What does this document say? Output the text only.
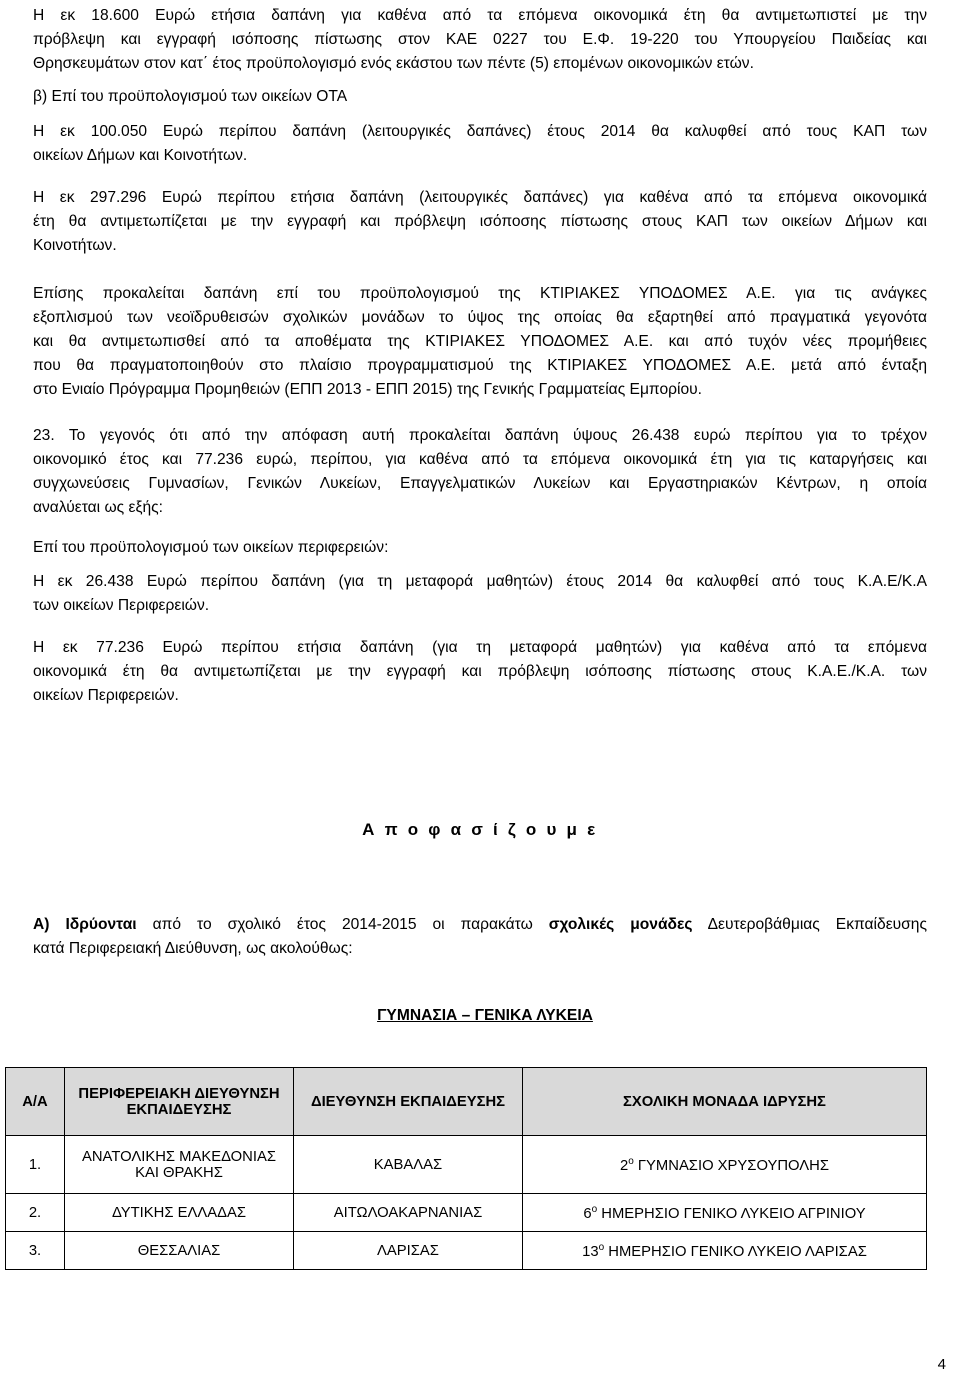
Η εκ 18.600 Ευρώ ετήσια δαπάνη για καθένα από τα επόμενα οικονομικά έτη θα αντιμετωπιστεί με την
πρόβλεψη και εγγραφή ισόποσης πίστωσης στον ΚΑΕ 0227 του Ε.Φ. 19-220 του Υπουργείου Παιδείας και
Θρησκευμάτων στον κατ΄ έτος προϋπολογισμό ενός εκάστου των πέντε (5) επομένων οικονομικών ετών.

β) Επί του προϋπολογισμού των οικείων ΟΤΑ

Η εκ 100.050 Ευρώ περίπου δαπάνη (λειτουργικές δαπάνες) έτους 2014 θα καλυφθεί από τους ΚΑΠ των
οικείων Δήμων και Κοινοτήτων.

Η εκ 297.296 Ευρώ περίπου ετήσια δαπάνη (λειτουργικές δαπάνες) για καθένα από τα επόμενα οικονομικά
έτη θα αντιμετωπίζεται με την εγγραφή και πρόβλεψη ισόποσης πίστωσης στους ΚΑΠ των οικείων Δήμων και
Κοινοτήτων.

Επίσης προκαλείται δαπάνη επί του προϋπολογισμού της ΚΤΙΡΙΑΚΕΣ ΥΠΟΔΟΜΕΣ Α.Ε. για τις ανάγκες
εξοπλισμού των νεοϊδρυθεισών σχολικών μονάδων το ύψος της οποίας θα εξαρτηθεί από πραγματικά γεγονότα
και θα αντιμετωπισθεί από τα αποθέματα της ΚΤΙΡΙΑΚΕΣ ΥΠΟΔΟΜΕΣ Α.Ε. και από τυχόν νέες προμήθειες
που θα πραγματοποιηθούν στο πλαίσιο προγραμματισμού της ΚΤΙΡΙΑΚΕΣ ΥΠΟΔΟΜΕΣ Α.Ε. μετά από ένταξη
στο Ενιαίο Πρόγραμμα Προμηθειών (ΕΠΠ 2013 - ΕΠΠ 2015) της Γενικής Γραμματείας Εμπορίου.

23. Το γεγονός ότι από την απόφαση αυτή προκαλείται δαπάνη ύψους 26.438 ευρώ περίπου για το τρέχον
οικονομικό έτος και 77.236 ευρώ, περίπου, για καθένα από τα επόμενα οικονομικά έτη για τις καταργήσεις και
συγχωνεύσεις Γυμνασίων, Γενικών Λυκείων, Επαγγελματικών Λυκείων και Εργαστηριακών Κέντρων, η οποία
αναλύεται ως εξής:

Επί του προϋπολογισμού των οικείων περιφερειών:

Η εκ 26.438 Ευρώ περίπου δαπάνη (για τη μεταφορά μαθητών) έτους 2014 θα καλυφθεί από τους Κ.Α.Ε/Κ.Α
των οικείων Περιφερειών.

Η εκ 77.236 Ευρώ περίπου ετήσια δαπάνη (για τη μεταφορά μαθητών) για καθένα από τα επόμενα
οικονομικά έτη θα αντιμετωπίζεται με την εγγραφή και πρόβλεψη ισόποσης πίστωσης στους Κ.Α.Ε./Κ.Α. των
οικείων Περιφερειών.

Α π ο φ α σ ί ζ ο υ μ ε

Α) Ιδρύονται από το σχολικό έτος 2014-2015 οι παρακάτω σχολικές μονάδες Δευτεροβάθμιας Εκπαίδευσης
κατά Περιφερειακή Διεύθυνση, ως ακολούθως:

ΓΥΜΝΑΣΙΑ – ΓΕΝΙΚΑ ΛΥΚΕΙΑ
Α/Α	ΠΕΡΙΦΕΡΕΙΑΚΗ ΔΙΕΥΘΥΝΣΗ ΕΚΠΑΙΔΕΥΣΗΣ	ΔΙΕΥΘΥΝΣΗ ΕΚΠΑΙΔΕΥΣΗΣ	ΣΧΟΛΙΚΗ ΜΟΝΑΔΑ ΙΔΡΥΣΗΣ
1.	ΑΝΑΤΟΛΙΚΗΣ ΜΑΚΕΔΟΝΙΑΣ ΚΑΙ ΘΡΑΚΗΣ	ΚΑΒΑΛΑΣ	$2^o$ ΓΥΜΝΑΣΙΟ ΧΡΥΣΟΥΠΟΛΗΣ
2.	ΔΥΤΙΚΗΣ ΕΛΛΑΔΑΣ	ΑΙΤΩΛΟΑΚΑΡΝΑΝΙΑΣ	$6^o$ ΗΜΕΡΗΣΙΟ ΓΕΝΙΚΟ ΛΥΚΕΙΟ ΑΓΡΙΝΙΟΥ
3.	ΘΕΣΣΑΛΙΑΣ	ΛΑΡΙΣΑΣ	$13^o$ ΗΜΕΡΗΣΙΟ ΓΕΝΙΚΟ ΛΥΚΕΙΟ ΛΑΡΙΣΑΣ
4
